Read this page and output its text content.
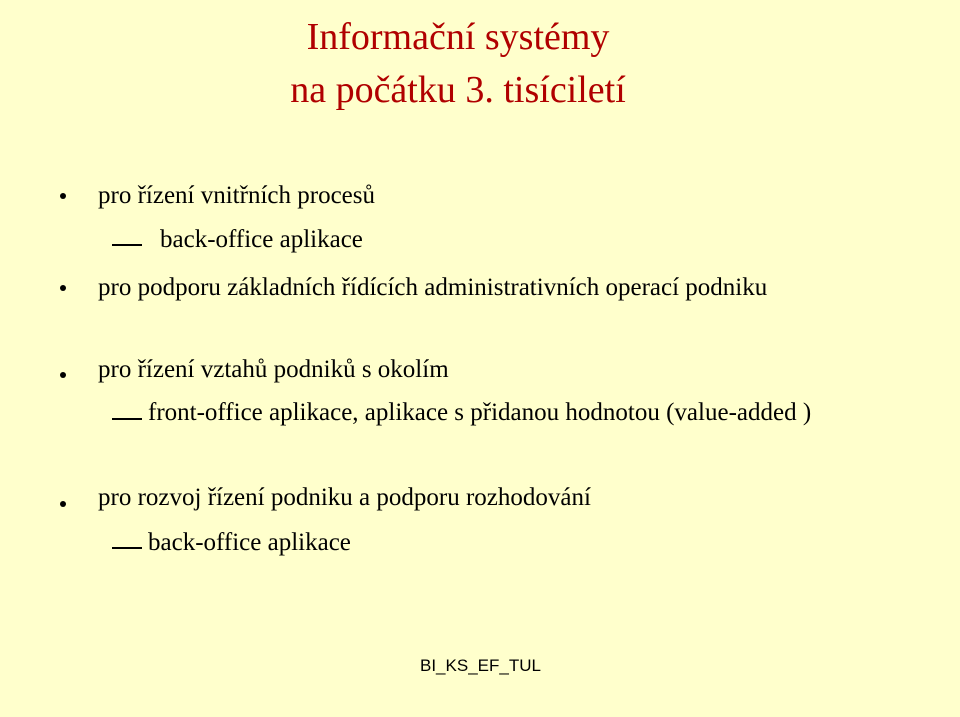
Informační systémy
na počátku 3. tisíciletí
pro řízení vnitřních procesů
back-office aplikace
pro podporu základních řídících administrativních operací podniku
pro řízení vztahů podniků s okolím
front-office aplikace, aplikace s přidanou hodnotou (value-added )
pro rozvoj řízení podniku a podporu rozhodování
back-office aplikace
BI_KS_EF_TUL
